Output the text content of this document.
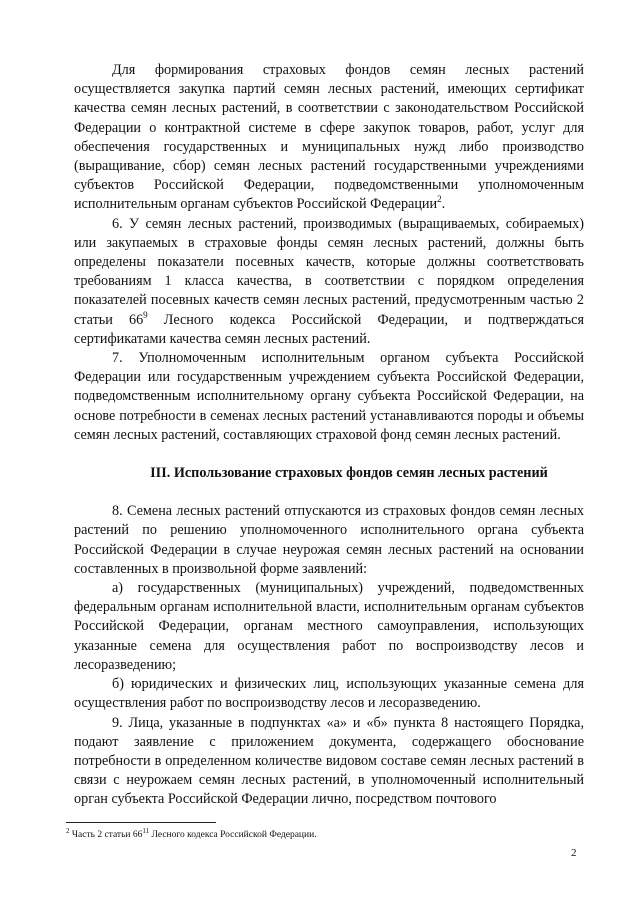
Для формирования страховых фондов семян лесных растений осуществляется закупка партий семян лесных растений, имеющих сертификат качества семян лесных растений, в соответствии с законодательством Российской Федерации о контрактной системе в сфере закупок товаров, работ, услуг для обеспечения государственных и муниципальных нужд либо производство (выращивание, сбор) семян лесных растений государственными учреждениями субъектов Российской Федерации, подведомственными уполномоченным исполнительным органам субъектов Российской Федерации$^2$.

6. У семян лесных растений, производимых (выращиваемых, собираемых) или закупаемых в страховые фонды семян лесных растений, должны быть определены показатели посевных качеств, которые должны соответствовать требованиям 1 класса качества, в соответствии с порядком определения показателей посевных качеств семян лесных растений, предусмотренным частью 2 статьи $66^9$ Лесного кодекса Российской Федерации, и подтверждаться сертификатами качества семян лесных растений.

7. Уполномоченным исполнительным органом субъекта Российской Федерации или государственным учреждением субъекта Российской Федерации, подведомственным исполнительному органу субъекта Российской Федерации, на основе потребности в семенах лесных растений устанавливаются породы и объемы семян лесных растений, составляющих страховой фонд семян лесных растений.

III. Использование страховых фондов семян лесных растений

8. Семена лесных растений отпускаются из страховых фондов семян лесных растений по решению уполномоченного исполнительного органа субъекта Российской Федерации в случае неурожая семян лесных растений на основании составленных в произвольной форме заявлений:

а) государственных (муниципальных) учреждений, подведомственных федеральным органам исполнительной власти, исполнительным органам субъектов Российской Федерации, органам местного самоуправления, использующих указанные семена для осуществления работ по воспроизводству лесов и лесоразведению;

б) юридических и физических лиц, использующих указанные семена для осуществления работ по воспроизводству лесов и лесоразведению.

9. Лица, указанные в подпунктах «а» и «б» пункта 8 настоящего Порядка, подают заявление с приложением документа, содержащего обоснование потребности в определенном количестве видовом составе семян лесных растений в связи с неурожаем семян лесных растений, в уполномоченный исполнительный орган субъекта Российской Федерации лично, посредством почтового

$^2$ Часть 2 статьи $66^{11}$ Лесного кодекса Российской Федерации.
2
